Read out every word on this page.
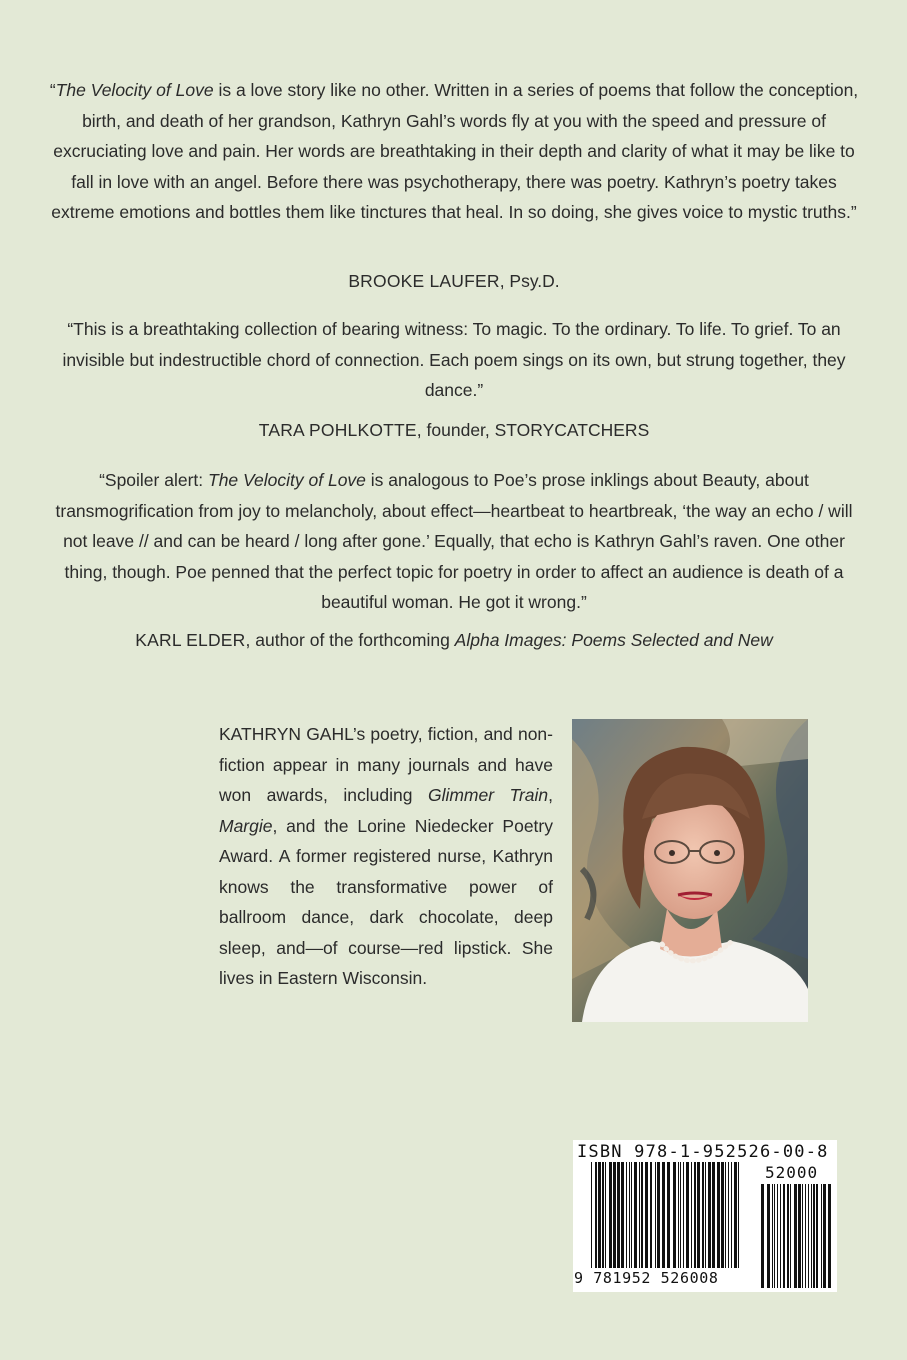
“The Velocity of Love is a love story like no other. Written in a series of poems that follow the conception, birth, and death of her grandson, Kathryn Gahl’s words fly at you with the speed and pressure of excruciating love and pain. Her words are breathtaking in their depth and clarity of what it may be like to fall in love with an angel. Before there was psychotherapy, there was poetry. Kathryn’s poetry takes extreme emotions and bottles them like tinctures that heal. In so doing, she gives voice to mystic truths.”

BROOKE LAUFER, Psy.D.

“This is a breathtaking collection of bearing witness: To magic. To the ordinary. To life. To grief. To an invisible but indestructible chord of connection. Each poem sings on its own, but strung together, they dance.”

TARA POHLKOTTE, founder, STORYCATCHERS

“Spoiler alert: The Velocity of Love is analogous to Poe’s prose inklings about Beauty, about transmogrification from joy to melancholy, about effect—heartbeat to heartbreak, ‘the way an echo / will not leave // and can be heard / long after gone.’ Equally, that echo is Kathryn Gahl’s raven. One other thing, though. Poe penned that the perfect topic for poetry in order to affect an audience is death of a beautiful woman. He got it wrong.”

KARL ELDER, author of the forthcoming Alpha Images: Poems Selected and New

KATHRYN GAHL’s poetry, fiction, and non-fiction appear in many journals and have won awards, including Glimmer Train, Margie, and the Lorine Niedecker Poetry Award. A former registered nurse, Kathryn knows the transformative power of ballroom dance, dark chocolate, deep sleep, and—of course—red lipstick. She lives in Eastern Wisconsin.

ISBN 978-1-952526-00-8
52000
9 781952 526008
